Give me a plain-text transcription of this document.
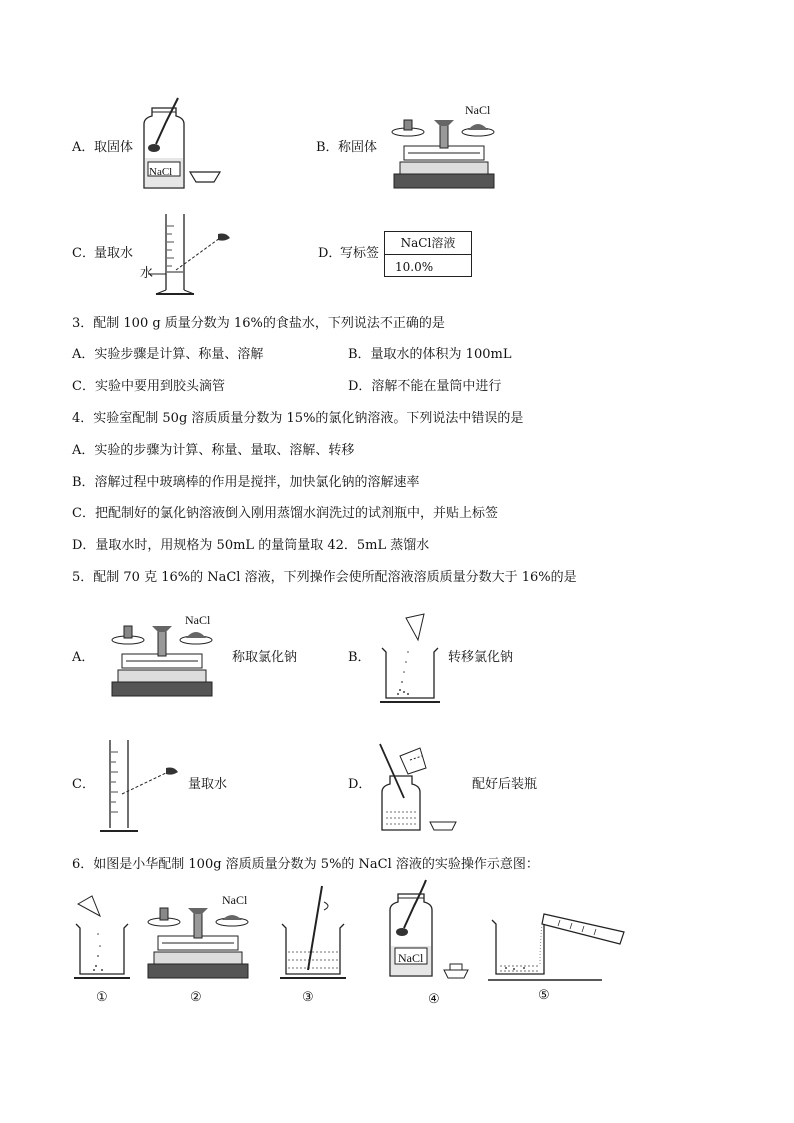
A． 取固体
NaCl
B． 称固体
NaCl
C． 量取水
水
D．
写标签
NaCl溶液
10.0%
3．配制 100 g 质量分数为 16%的食盐水，下列说法不正确的是
A．实验步骤是计算、称量、溶解	B．量取水的体积为 100mL
C．实验中要用到胶头滴管	D．溶解不能在量筒中进行
4．实验室配制 50g 溶质质量分数为 15%的氯化钠溶液。下列说法中错误的是
A．实验的步骤为计算、称量、量取、溶解、转移
B．溶解过程中玻璃棒的作用是搅拌，加快氯化钠的溶解速率
C．把配制好的氯化钠溶液倒入刚用蒸馏水润洗过的试剂瓶中，并贴上标签
D．量取水时，用规格为 50mL 的量筒量取 42．5mL 蒸馏水
5．配制 70 克 16%的 NaCl 溶液，下列操作会使所配溶液溶质质量分数大于 16%的是
A．
NaCl
称取氯化钠	B．	转移氯化钠
C．	量取水	D．	配好后装瓶
6．如图是小华配制 100g 溶质质量分数为 5%的 NaCl 溶液的实验操作示意图：
①
NaCl
②	③
NaCl
④	⑤
